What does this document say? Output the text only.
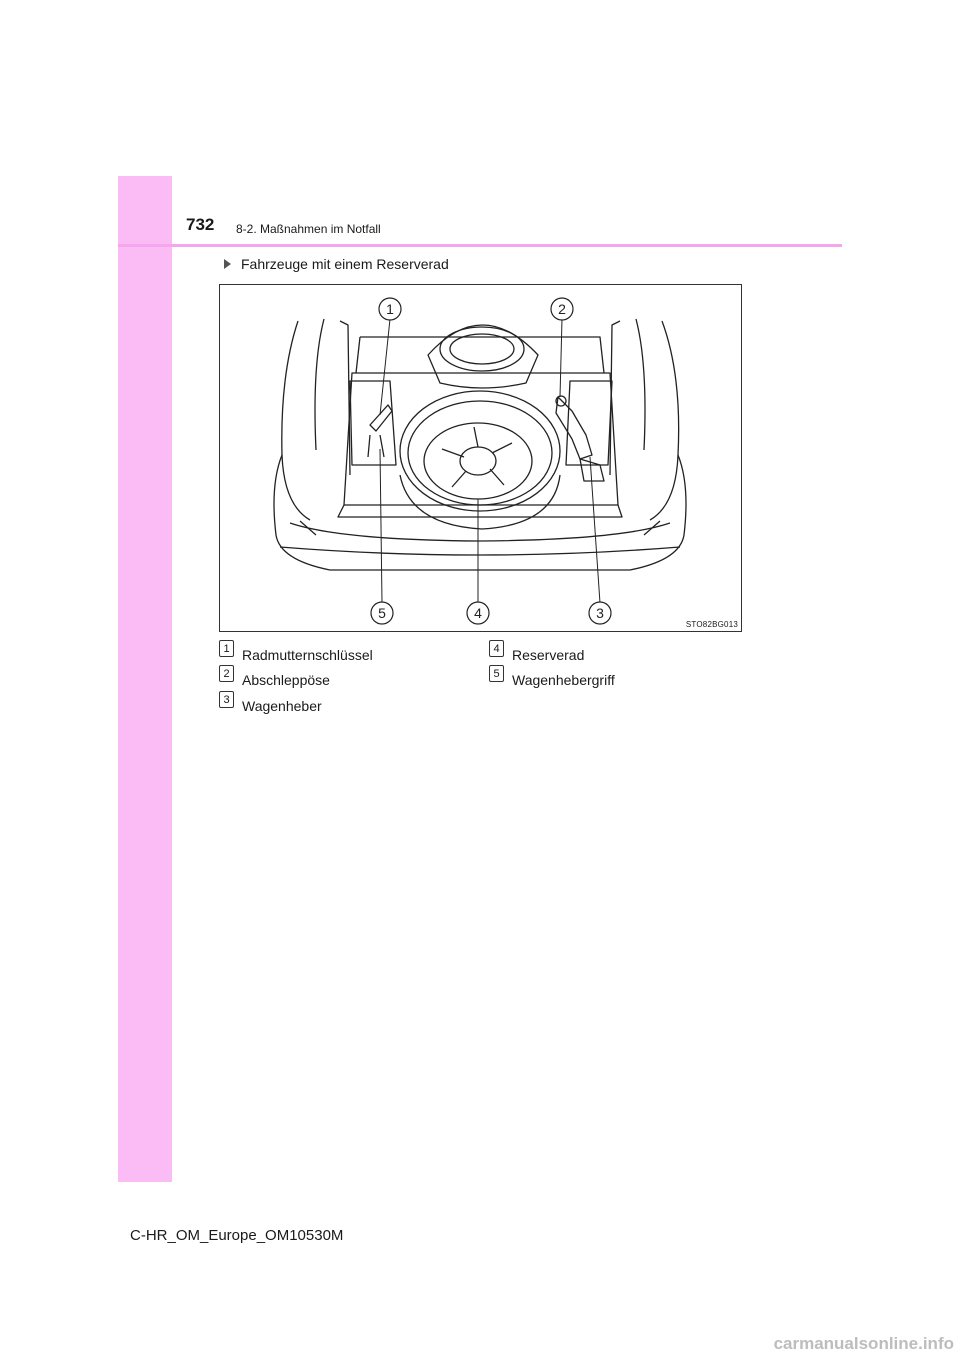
732 8-2. Maßnahmen im Notfall
Fahrzeuge mit einem Reserverad
1	2
3
4
5
STO82BG013
1 Radmutternschlüssel
2 Abschleppöse
3 Wagenheber
4 Reserverad
5 Wagenhebergriff
C-HR_OM_Europe_OM10530M
carmanualsonline.info
